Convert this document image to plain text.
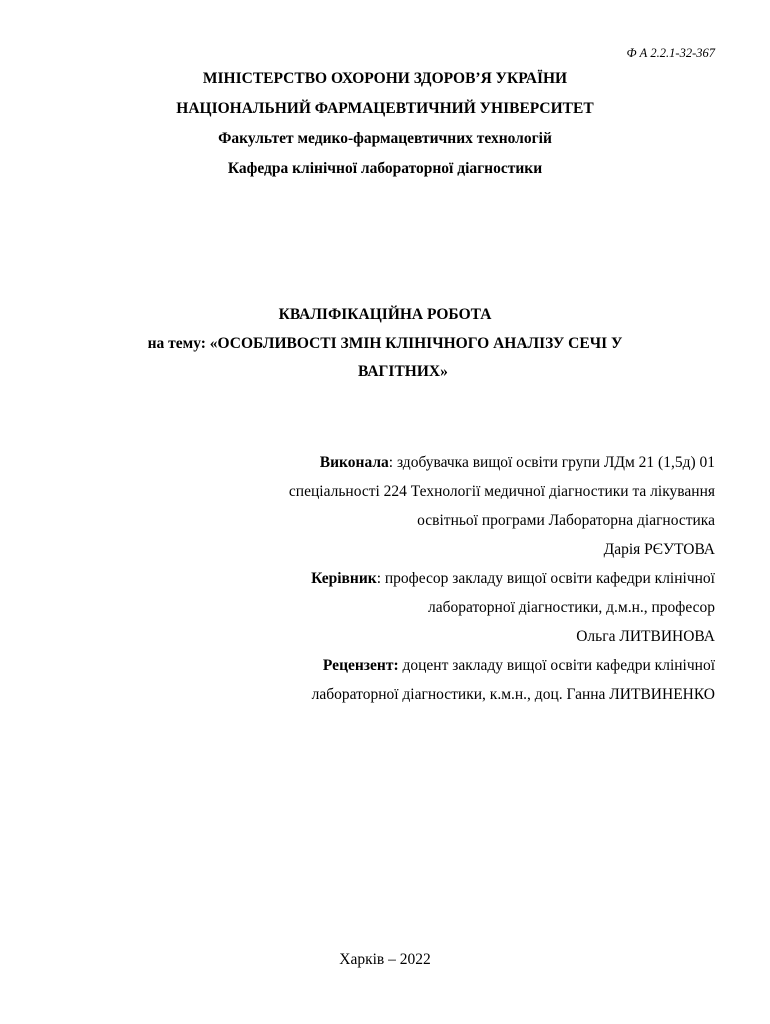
Ф А 2.2.1-32-367
МІНІСТЕРСТВО ОХОРОНИ ЗДОРОВ’Я УКРАЇНИ
НАЦІОНАЛЬНИЙ ФАРМАЦЕВТИЧНИЙ УНІВЕРСИТЕТ
Факультет медико-фармацевтичних технологій
Кафедра клінічної лабораторної діагностики
КВАЛІФІКАЦІЙНА РОБОТА
на тему: «ОСОБЛИВОСТІ ЗМІН КЛІНІЧНОГО АНАЛІЗУ СЕЧІ У
ВАГІТНИХ»
Виконала: здобувачка вищої освіти групи ЛДм 21 (1,5д) 01
спеціальності 224 Технології медичної діагностики та лікування
освітньої програми Лабораторна діагностика
Дарія РЄУТОВА
Керівник: професор закладу вищої освіти кафедри клінічної
лабораторної діагностики, д.м.н., професор
Ольга ЛИТВИНОВА
Рецензент: доцент закладу вищої освіти кафедри клінічної
лабораторної діагностики, к.м.н., доц. Ганна ЛИТВИНЕНКО
Харків – 2022
